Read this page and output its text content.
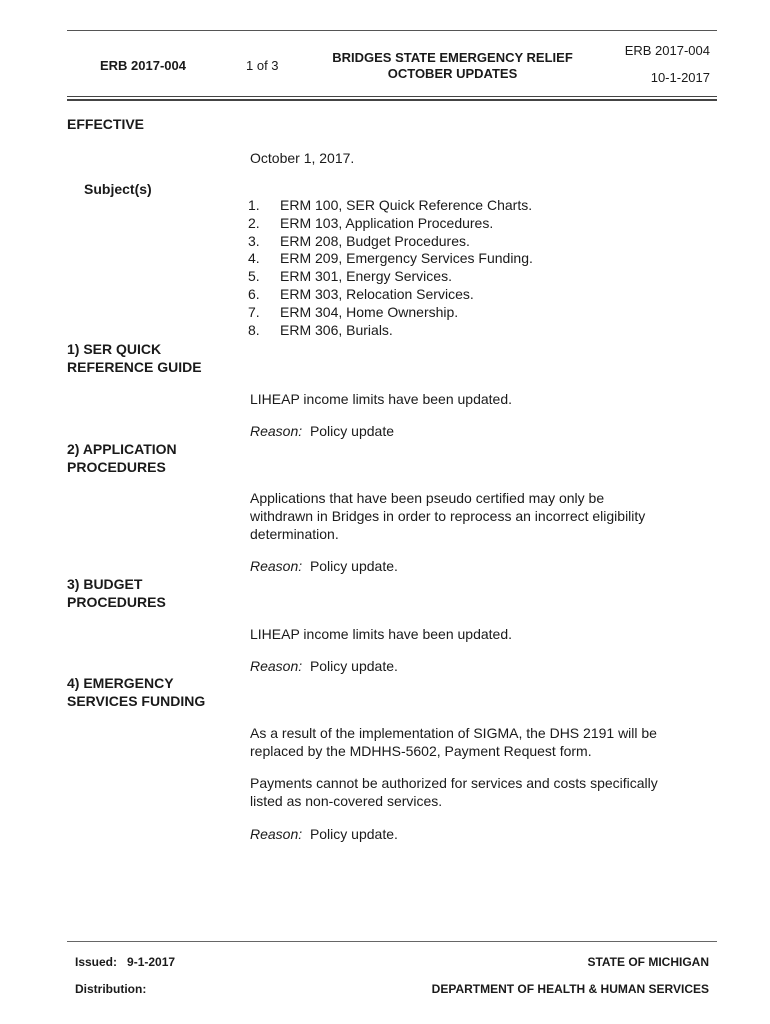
ERB 2017-004	1 of 3
BRIDGES STATE EMERGENCY RELIEF
OCTOBER UPDATES
ERB 2017-004
10-1-2017
EFFECTIVE
October 1, 2017.
Subject(s)
1.	ERM 100, SER Quick Reference Charts.
2.	ERM 103, Application Procedures.
3.	ERM 208, Budget Procedures.
4.	ERM 209, Emergency Services Funding.
5.	ERM 301, Energy Services.
6.	ERM 303, Relocation Services.
7.	ERM 304, Home Ownership.
8.	ERM 306, Burials.
1) SER QUICK
REFERENCE GUIDE
LIHEAP income limits have been updated.
Reason: Policy update
2) APPLICATION
PROCEDURES
Applications that have been pseudo certified may only be
withdrawn in Bridges in order to reprocess an incorrect eligibility
determination.
Reason: Policy update.
3) BUDGET
PROCEDURES
LIHEAP income limits have been updated.
Reason: Policy update.
4) EMERGENCY
SERVICES FUNDING
As a result of the implementation of SIGMA, the DHS 2191 will be
replaced by the MDHHS-5602, Payment Request form.
Payments cannot be authorized for services and costs specifically
listed as non-covered services.
Reason: Policy update.
Issued: 9-1-2017
Distribution:
STATE OF MICHIGAN
DEPARTMENT OF HEALTH & HUMAN SERVICES
